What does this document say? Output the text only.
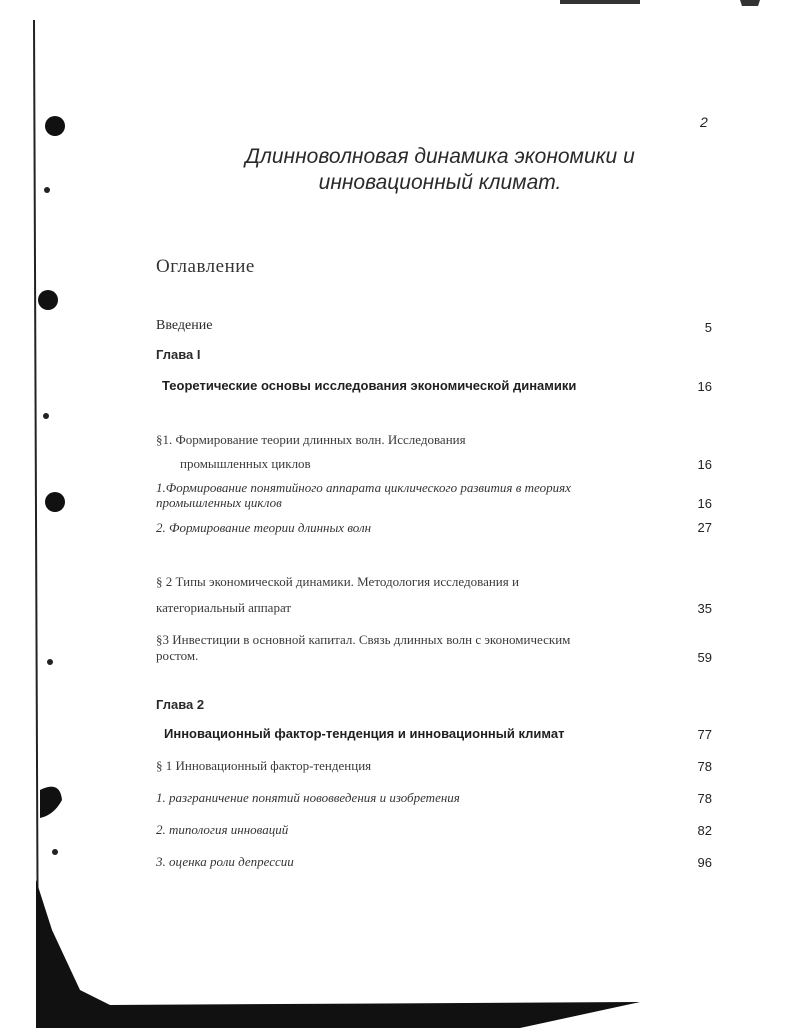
2
Длинноволновая динамика экономики и
инновационный климат.
Оглавление
Введение	5
Глава I
Теоретические основы исследования экономической динамики	16
§1. Формирование теории длинных волн. Исследования
промышленных циклов	16
1.Формирование понятийного аппарата циклического развития в теориях
промышленных циклов	16
2. Формирование теории длинных волн	27
§ 2 Типы экономической динамики. Методология исследования и
категориальный аппарат	35
§3 Инвестиции в основной капитал. Связь длинных волн с экономическим
ростом.	59
Глава 2
Инновационный фактор-тенденция и инновационный климат	77
§ 1 Инновационный фактор-тенденция	78
1. разграничение понятий нововведения и изобретения	78
2. типология инноваций	82
3. оценка роли депрессии	96
